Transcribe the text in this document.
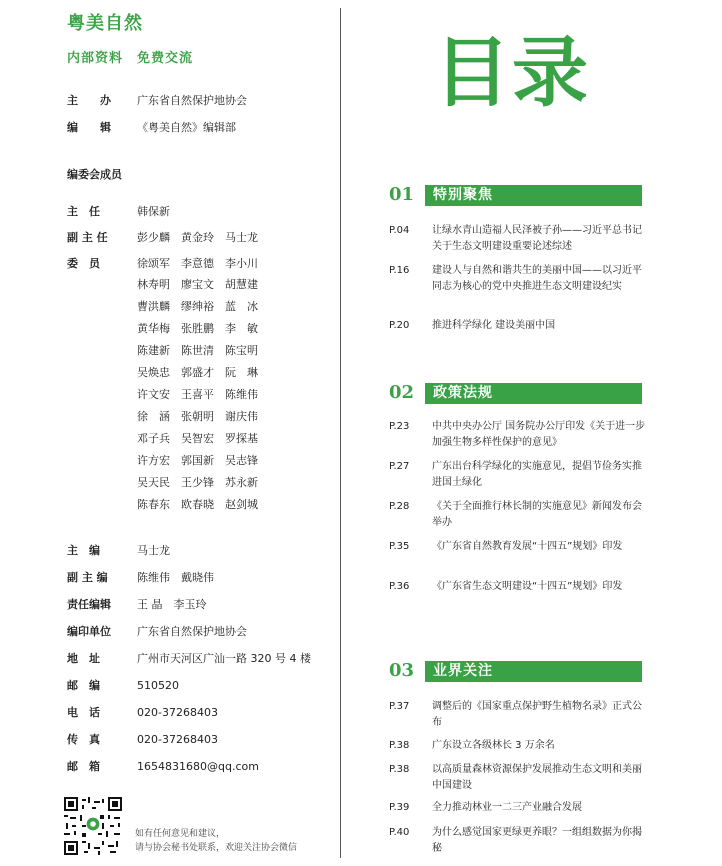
粤美自然
内部资料　免费交流
主　　办	广东省自然保护地协会
编　　辑	《粤美自然》编辑部
编委会成员
主　任	韩保新
副 主 任	彭少麟　黄金玲　马士龙
委　员	徐颂军　李意德　李小川
林寿明　廖宝文　胡慧建
曹洪麟　缪绅裕　蓝　冰
黄华梅　张胜鹏　李　敏
陈建新　陈世清　陈宝明
吴焕忠　郭盛才　阮　琳
许文安　王喜平　陈维伟
徐　涵　张朝明　谢庆伟
邓子兵　吴智宏　罗探基
许方宏　郭国新　吴志锋
吴天民　王少锋　苏永新
陈春东　欧春晓　赵剑城
主　编	马士龙
副 主 编	陈维伟　戴晓伟
责任编辑	王 晶　李玉玲
编印单位	广东省自然保护地协会
地　址	广州市天河区广汕一路 320 号 4 楼
邮　编	510520
电　话	020-37268403
传　真	020-37268403
邮　箱	1654831680@qq.com
如有任何意见和建议，
请与协会秘书处联系，欢迎关注协会微信
目录
01 特别聚焦
P.04 让绿水青山造福人民泽被子孙——习近平总书记关于生态文明建设重要论述综述
P.16 建设人与自然和谐共生的美丽中国——以习近平同志为核心的党中央推进生态文明建设纪实
P.20 推进科学绿化 建设美丽中国
02 政策法规
P.23 中共中央办公厅 国务院办公厅印发《关于进一步加强生物多样性保护的意见》
P.27 广东出台科学绿化的实施意见，提倡节俭务实推进国土绿化
P.28 《关于全面推行林长制的实施意见》新闻发布会举办
P.35 《广东省自然教育发展“十四五”规划》印发
P.36 《广东省生态文明建设“十四五”规划》印发
03 业界关注
P.37 调整后的《国家重点保护野生植物名录》正式公布
P.38 广东设立各级林长 3 万余名
P.38 以高质量森林资源保护发展推动生态文明和美丽中国建设
P.39 全力推动林业一二三产业融合发展
P.40 为什么感觉国家更绿更养眼？一组组数据为你揭秘
